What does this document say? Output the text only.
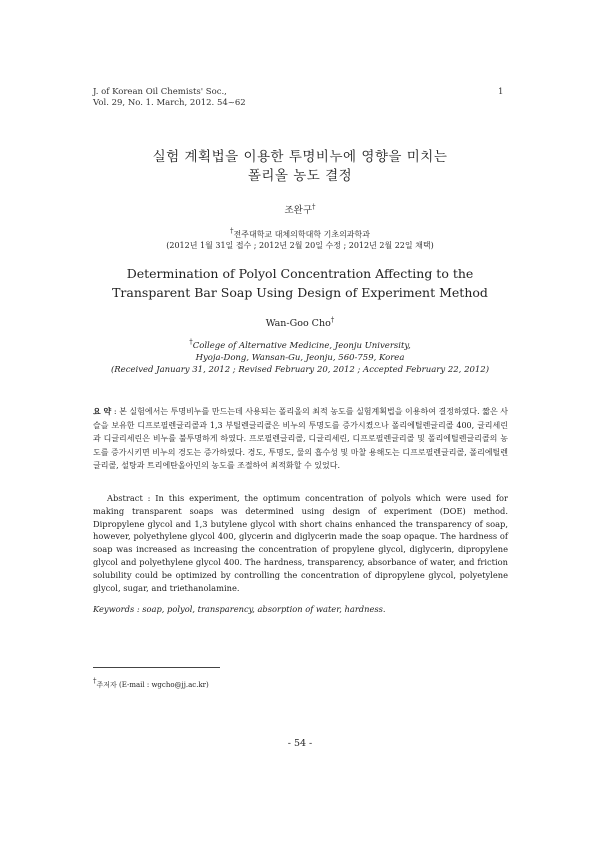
J. of Korean Oil Chemists' Soc.,
Vol. 29, No. 1. March, 2012. 54~62
1
실험 계획법을 이용한 투명비누에 영향을 미치는
폴리올 농도 결정
조완구†
†전주대학교 대체의학대학 기초의과학과
(2012년 1월 31일 접수 ; 2012년 2월 20일 수정 ; 2012년 2월 22일 채택)
Determination of Polyol Concentration Affecting to the
Transparent Bar Soap Using Design of Experiment Method
Wan-Goo Cho†
†College of Alternative Medicine, Jeonju University,
Hyoja-Dong, Wansan-Gu, Jeonju, 560-759, Korea
(Received January 31, 2012 ; Revised February 20, 2012 ; Accepted February 22, 2012)
요 약 : 본 실험에서는 투명비누를 만드는데 사용되는 폴리올의 최적 농도를 실험계획법을 이용하여 결정하였다. 짧은 사슬을 보유한 디프로필렌글리콜과 1,3 부틸렌글리콜은 비누의 투명도를 증가시켰으나 폴리에틸렌글리콜 400, 글리세린과 디글리세린은 비누를 불투명하게 하였다. 프로필렌글리콜, 디글리세린, 디프로필렌글리콜 및 폴리에틸렌글리콜의 농도를 증가시키면 비누의 경도는 증가하였다. 경도, 투명도, 물의 흡수성 및 마찰 용해도는 디프로필렌글리콜, 폴리에틸렌글리콜, 설탕과 트리에탄올아민의 농도를 조절하여 최적화할 수 있었다.
Abstract : In this experiment, the optimum concentration of polyols which were used for making transparent soaps was determined using design of experiment (DOE) method. Dipropylene glycol and 1,3 butylene glycol with short chains enhanced the transparency of soap, however, polyethylene glycol 400, glycerin and diglycerin made the soap opaque. The hardness of soap was increased as increasing the concentration of propylene glycol, diglycerin, dipropylene glycol and polyethylene glycol 400. The hardness, transparency, absorbance of water, and friction solubility could be optimized by controlling the concentration of dipropylene glycol, polyetylene glycol, sugar, and triethanolamine.
Keywords : soap, polyol, transparency, absorption of water, hardness.
†주저자 (E-mail : wgcho@jj.ac.kr)
- 54 -
